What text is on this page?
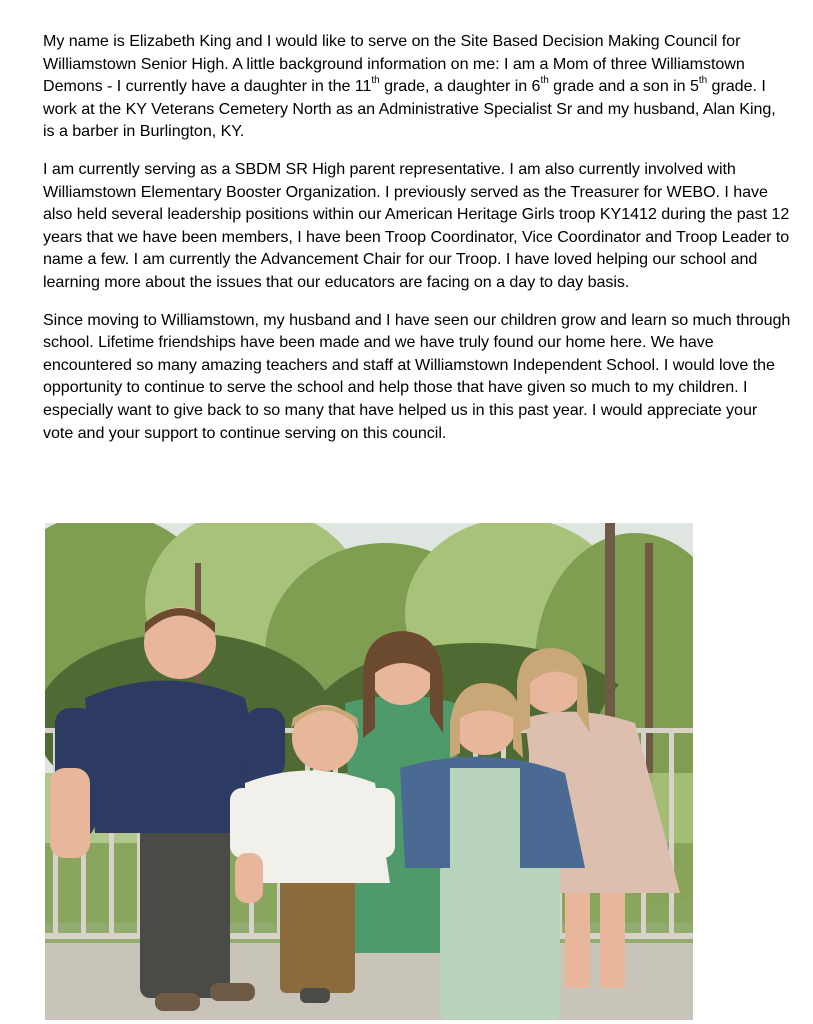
My name is Elizabeth King and I would like to serve on the Site Based Decision Making Council for Williamstown Senior High. A little background information on me: I am a Mom of three Williamstown Demons - I currently have a daughter in the 11th grade, a daughter in 6th grade and a son in 5th grade. I work at the KY Veterans Cemetery North as an Administrative Specialist Sr and my husband, Alan King, is a barber in Burlington, KY.

I am currently serving as a SBDM SR High parent representative. I am also currently involved with Williamstown Elementary Booster Organization. I previously served as the Treasurer for WEBO. I have also held several leadership positions within our American Heritage Girls troop KY1412 during the past 12 years that we have been members, I have been Troop Coordinator, Vice Coordinator and Troop Leader to name a few. I am currently the Advancement Chair for our Troop. I have loved helping our school and learning more about the issues that our educators are facing on a day to day basis.

Since moving to Williamstown, my husband and I have seen our children grow and learn so much through school. Lifetime friendships have been made and we have truly found our home here. We have encountered so many amazing teachers and staff at Williamstown Independent School. I would love the opportunity to continue to serve the school and help those that have given so much to my children. I especially want to give back to so many that have helped us in this past year. I would appreciate your vote and your support to continue serving on this council.
